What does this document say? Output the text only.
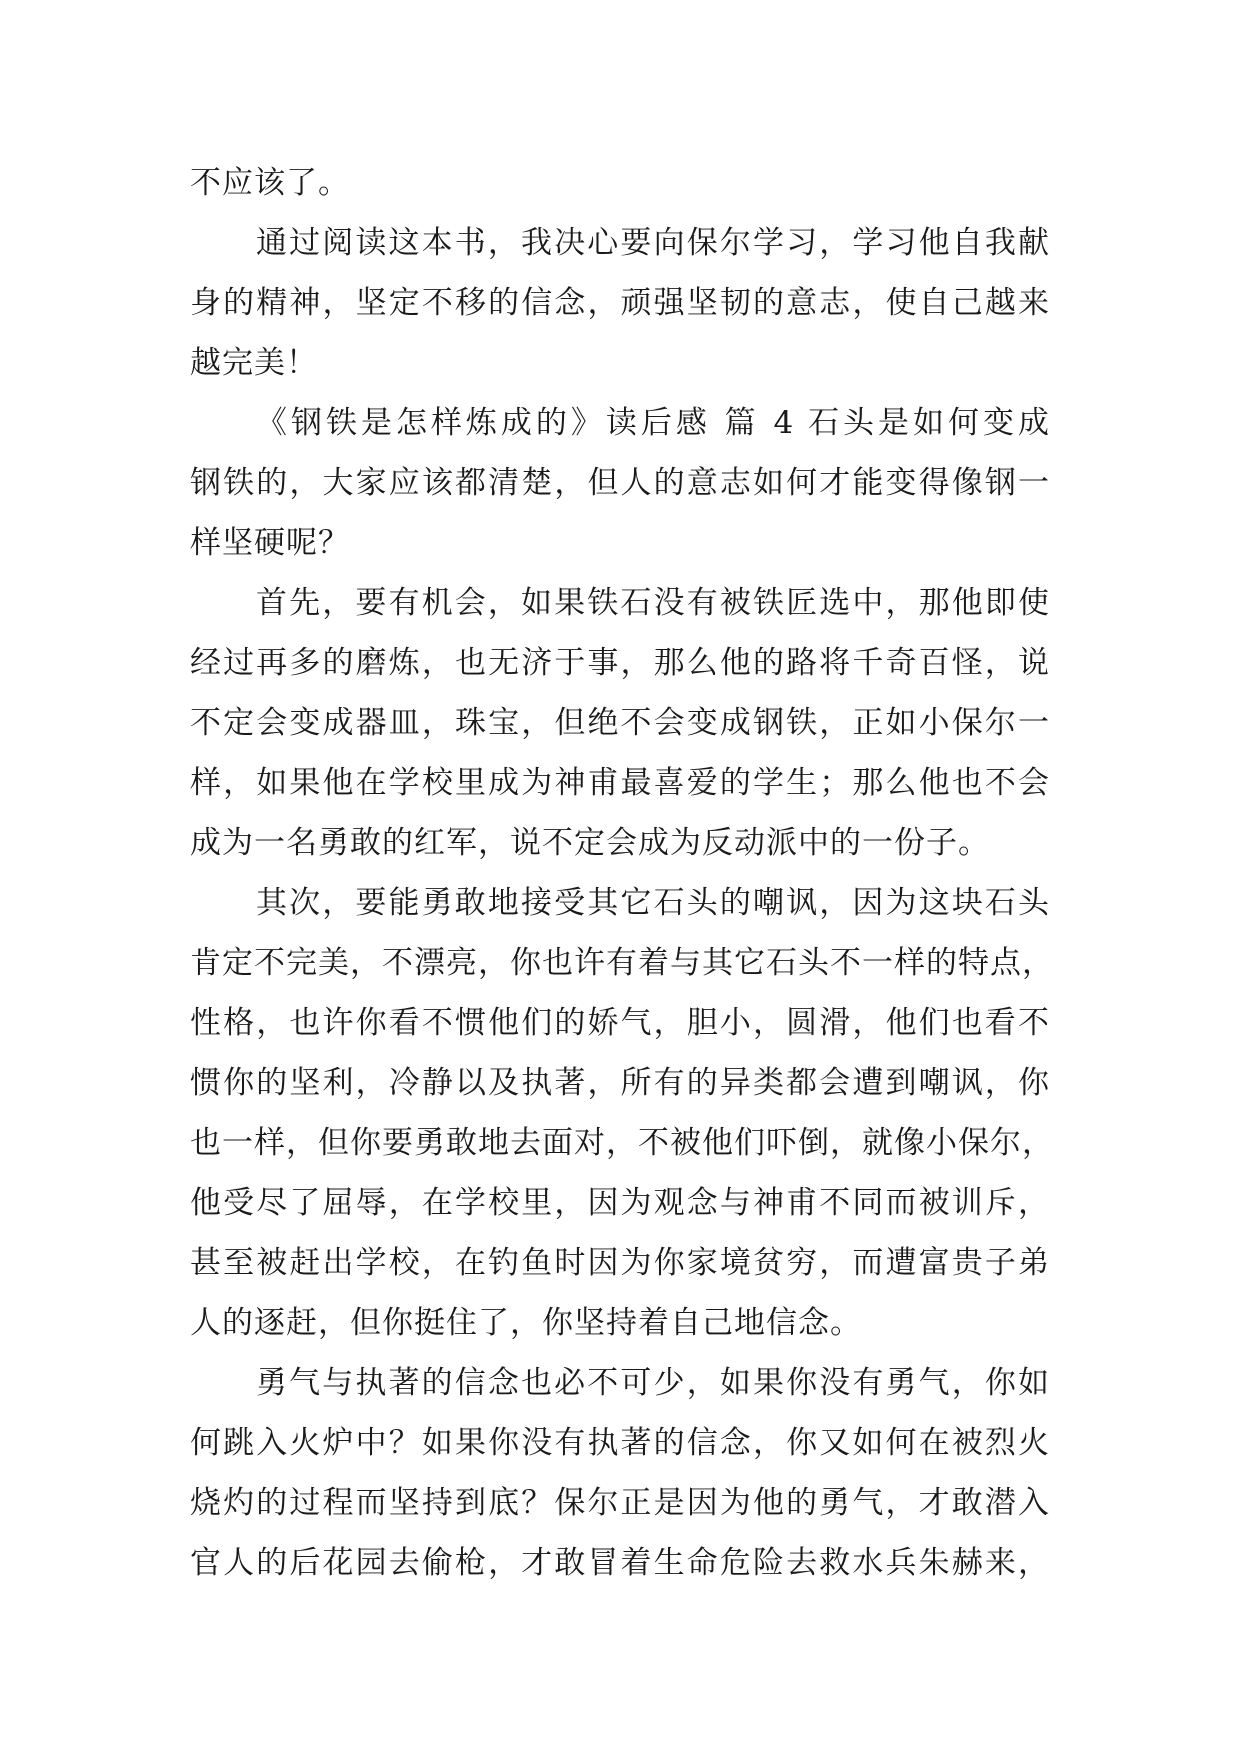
不应该了。
通过阅读这本书，我决心要向保尔学习，学习他自我献
身的精神，坚定不移的信念，顽强坚韧的意志，使自己越来
越完美！
《钢铁是怎样炼成的》读后感 篇 4 石头是如何变成
钢铁的，大家应该都清楚，但人的意志如何才能变得像钢一
样坚硬呢？
首先，要有机会，如果铁石没有被铁匠选中，那他即使
经过再多的磨炼，也无济于事，那么他的路将千奇百怪，说
不定会变成器皿，珠宝，但绝不会变成钢铁，正如小保尔一
样，如果他在学校里成为神甫最喜爱的学生；那么他也不会
成为一名勇敢的红军，说不定会成为反动派中的一份子。
其次，要能勇敢地接受其它石头的嘲讽，因为这块石头
肯定不完美，不漂亮，你也许有着与其它石头不一样的特点，
性格，也许你看不惯他们的娇气，胆小，圆滑，他们也看不
惯你的坚利，冷静以及执著，所有的异类都会遭到嘲讽，你
也一样，但你要勇敢地去面对，不被他们吓倒，就像小保尔，
他受尽了屈辱，在学校里，因为观念与神甫不同而被训斥，
甚至被赶出学校，在钓鱼时因为你家境贫穷，而遭富贵子弟
人的逐赶，但你挺住了，你坚持着自己地信念。
勇气与执著的信念也必不可少，如果你没有勇气，你如
何跳入火炉中？如果你没有执著的信念，你又如何在被烈火
烧灼的过程而坚持到底？保尔正是因为他的勇气，才敢潜入
官人的后花园去偷枪，才敢冒着生命危险去救水兵朱赫来，
